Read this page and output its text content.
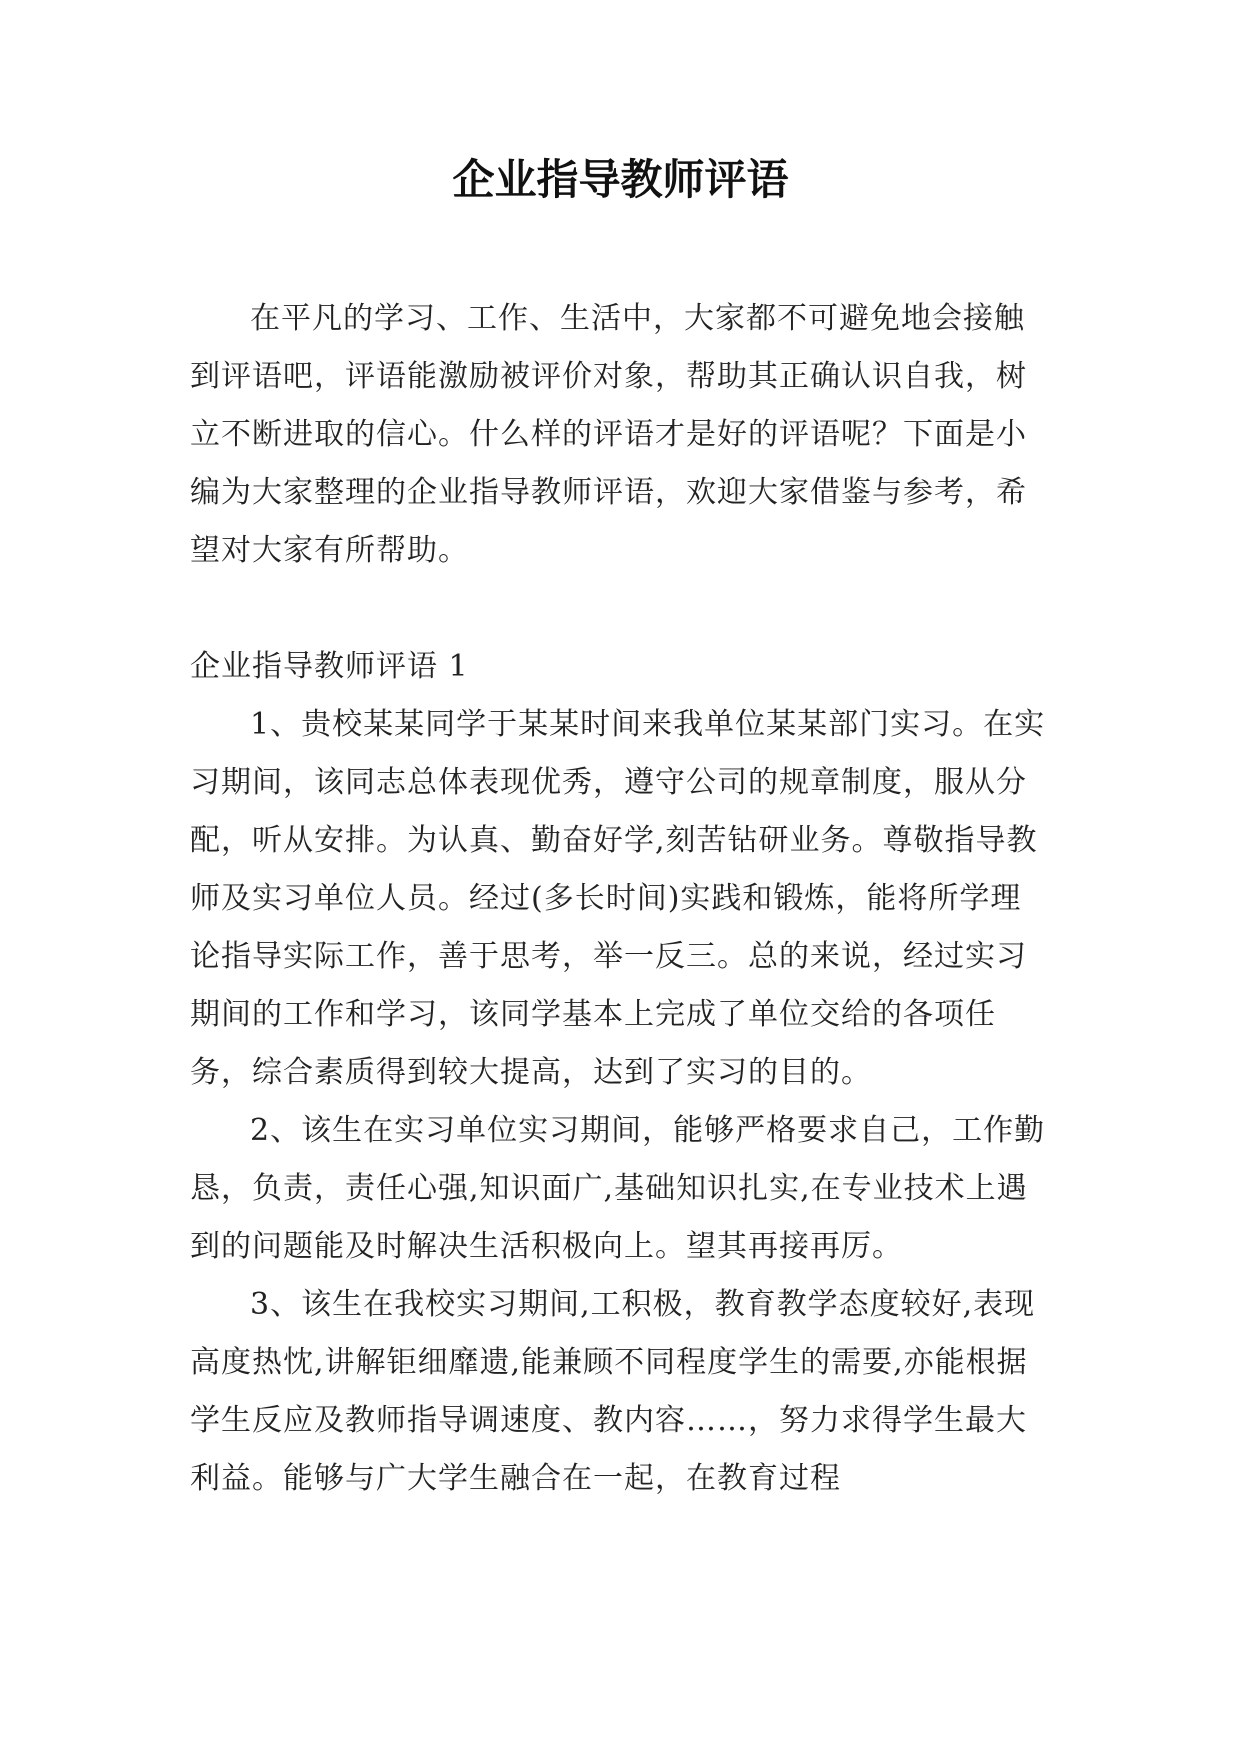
企业指导教师评语

在平凡的学习、工作、生活中，大家都不可避免地会接触到评语吧，评语能激励被评价对象，帮助其正确认识自我，树立不断进取的信心。什么样的评语才是好的评语呢？下面是小编为大家整理的企业指导教师评语，欢迎大家借鉴与参考，希望对大家有所帮助。

企业指导教师评语 1

1、贵校某某同学于某某时间来我单位某某部门实习。在实习期间，该同志总体表现优秀，遵守公司的规章制度，服从分配，听从安排。为认真、勤奋好学,刻苦钻研业务。尊敬指导教师及实习单位人员。经过(多长时间)实践和锻炼，能将所学理论指导实际工作，善于思考，举一反三。总的来说，经过实习期间的工作和学习，该同学基本上完成了单位交给的各项任务，综合素质得到较大提高，达到了实习的目的。

2、该生在实习单位实习期间，能够严格要求自己，工作勤恳，负责，责任心强,知识面广,基础知识扎实,在专业技术上遇到的问题能及时解决生活积极向上。望其再接再厉。

3、该生在我校实习期间,工积极，教育教学态度较好,表现高度热忱,讲解钜细靡遗,能兼顾不同程度学生的需要,亦能根据学生反应及教师指导调速度、教内容……，努力求得学生最大利益。能够与广大学生融合在一起，在教育过程
